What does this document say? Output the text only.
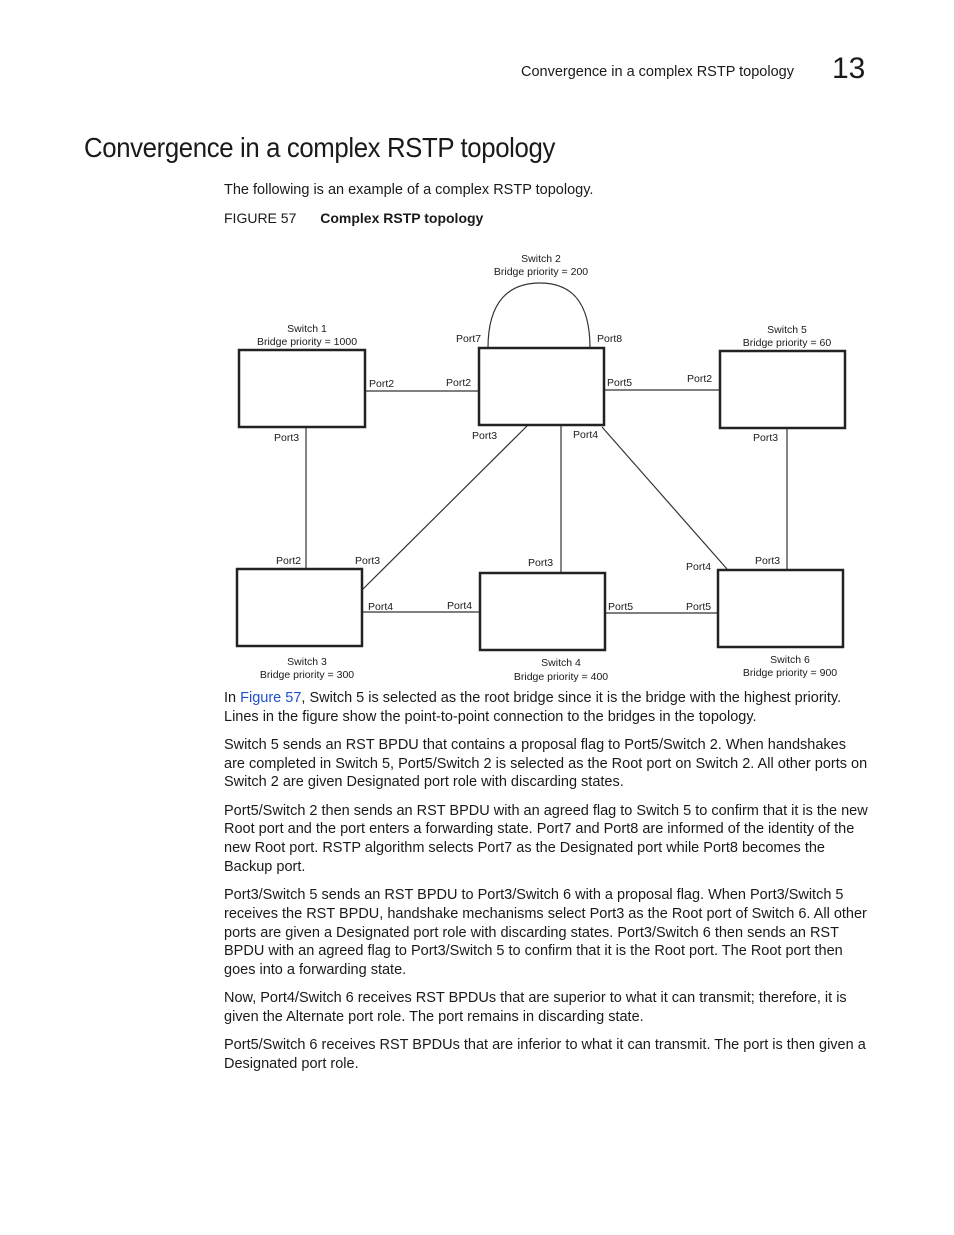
Convergence in a complex RSTP topology 13
Convergence in a complex RSTP topology

The following is an example of a complex RSTP topology.

FIGURE 57 Complex RSTP topology
Switch 2
Bridge priority = 200
Switch 1
Bridge priority = 1000
Switch 5
Bridge priority = 60
Switch 3
Bridge priority = 300
Switch 4
Bridge priority = 400
Switch 6
Bridge priority = 900
Port7	Port8
Port2	Port2	Port5	Port2
Port3	Port3	Port4	Port3
Port2	Port3	Port3	Port4	Port3
Port4	Port4	Port5	Port5

In Figure 57, Switch 5 is selected as the root bridge since it is the bridge with the highest priority. Lines in the figure show the point-to-point connection to the bridges in the topology.

Switch 5 sends an RST BPDU that contains a proposal flag to Port5/Switch 2. When handshakes are completed in Switch 5, Port5/Switch 2 is selected as the Root port on Switch 2. All other ports on Switch 2 are given Designated port role with discarding states.

Port5/Switch 2 then sends an RST BPDU with an agreed flag to Switch 5 to confirm that it is the new Root port and the port enters a forwarding state. Port7 and Port8 are informed of the identity of the new Root port. RSTP algorithm selects Port7 as the Designated port while Port8 becomes the Backup port.

Port3/Switch 5 sends an RST BPDU to Port3/Switch 6 with a proposal flag. When Port3/Switch 5 receives the RST BPDU, handshake mechanisms select Port3 as the Root port of Switch 6. All other ports are given a Designated port role with discarding states. Port3/Switch 6 then sends an RST BPDU with an agreed flag to Port3/Switch 5 to confirm that it is the Root port. The Root port then goes into a forwarding state.

Now, Port4/Switch 6 receives RST BPDUs that are superior to what it can transmit; therefore, it is given the Alternate port role. The port remains in discarding state.

Port5/Switch 6 receives RST BPDUs that are inferior to what it can transmit. The port is then given a Designated port role.
